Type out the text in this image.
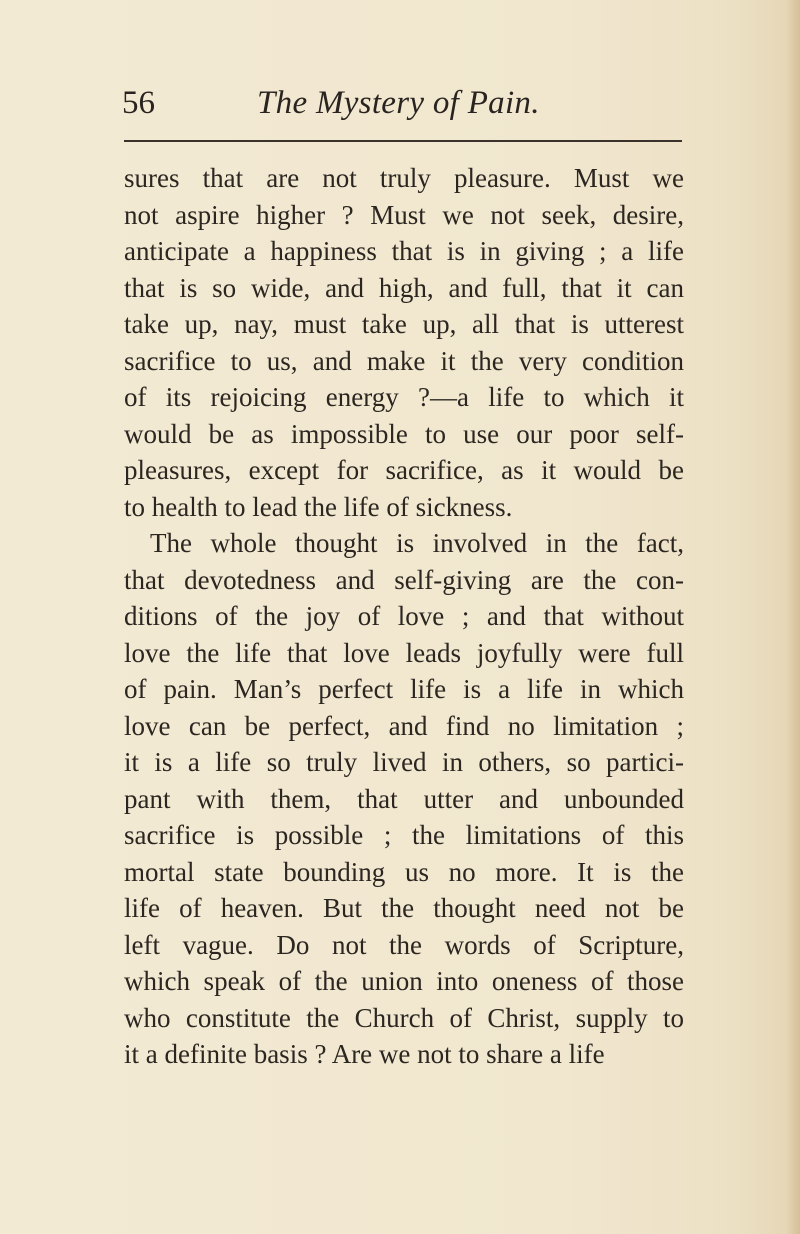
56	The Mystery of Pain.
sures that are not truly pleasure. Must we
not aspire higher ? Must we not seek, desire,
anticipate a happiness that is in giving ; a life
that is so wide, and high, and full, that it can
take up, nay, must take up, all that is utterest
sacrifice to us, and make it the very condition
of its rejoicing energy ?—a life to which it
would be as impossible to use our poor self-
pleasures, except for sacrifice, as it would be
to health to lead the life of sickness.
The whole thought is involved in the fact,
that devotedness and self-giving are the con-
ditions of the joy of love ; and that without
love the life that love leads joyfully were full
of pain. Man’s perfect life is a life in which
love can be perfect, and find no limitation ;
it is a life so truly lived in others, so partici-
pant with them, that utter and unbounded
sacrifice is possible ; the limitations of this
mortal state bounding us no more. It is the
life of heaven. But the thought need not be
left vague. Do not the words of Scripture,
which speak of the union into oneness of those
who constitute the Church of Christ, supply to
it a definite basis ? Are we not to share a life
